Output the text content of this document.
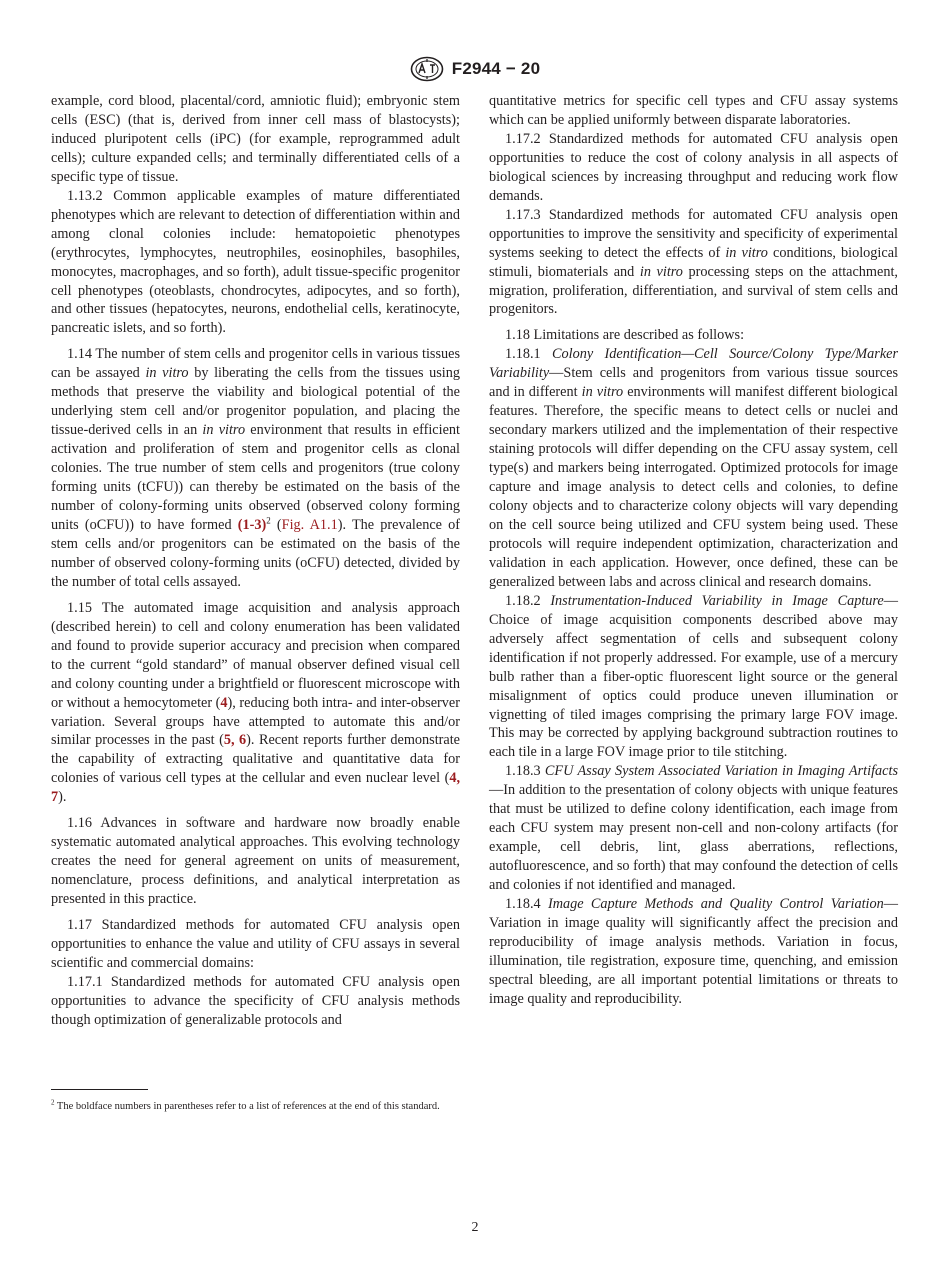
F2944 − 20

example, cord blood, placental/cord, amniotic fluid); embryonic stem cells (ESC) (that is, derived from inner cell mass of blastocysts); induced pluripotent cells (iPC) (for example, reprogrammed adult cells); culture expanded cells; and terminally differentiated cells of a specific type of tissue.

1.13.2 Common applicable examples of mature differentiated phenotypes which are relevant to detection of differentiation within and among clonal colonies include: hematopoietic phenotypes (erythrocytes, lymphocytes, neutrophiles, eosinophiles, basophiles, monocytes, macrophages, and so forth), adult tissue-specific progenitor cell phenotypes (oteoblasts, chondrocytes, adipocytes, and so forth), and other tissues (hepatocytes, neurons, endothelial cells, keratinocyte, pancreatic islets, and so forth).

1.14 The number of stem cells and progenitor cells in various tissues can be assayed in vitro by liberating the cells from the tissues using methods that preserve the viability and biological potential of the underlying stem cell and/or progenitor population, and placing the tissue-derived cells in an in vitro environment that results in efficient activation and proliferation of stem and progenitor cells as clonal colonies. The true number of stem cells and progenitors (true colony forming units (tCFU)) can thereby be estimated on the basis of the number of colony-forming units observed (observed colony forming units (oCFU)) to have formed $(1-3)^2$ (Fig. A1.1). The prevalence of stem cells and/or progenitors can be estimated on the basis of the number of observed colony-forming units (oCFU) detected, divided by the number of total cells assayed.

1.15 The automated image acquisition and analysis approach (described herein) to cell and colony enumeration has been validated and found to provide superior accuracy and precision when compared to the current “gold standard” of manual observer defined visual cell and colony counting under a brightfield or fluorescent microscope with or without a hemocytometer (4), reducing both intra- and inter-observer variation. Several groups have attempted to automate this and/or similar processes in the past (5, 6). Recent reports further demonstrate the capability of extracting qualitative and quantitative data for colonies of various cell types at the cellular and even nuclear level (4, 7).

1.16 Advances in software and hardware now broadly enable systematic automated analytical approaches. This evolving technology creates the need for general agreement on units of measurement, nomenclature, process definitions, and analytical interpretation as presented in this practice.

1.17 Standardized methods for automated CFU analysis open opportunities to enhance the value and utility of CFU assays in several scientific and commercial domains:

1.17.1 Standardized methods for automated CFU analysis open opportunities to advance the specificity of CFU analysis methods though optimization of generalizable protocols and

$^2$ The boldface numbers in parentheses refer to a list of references at the end of this standard.

quantitative metrics for specific cell types and CFU assay systems which can be applied uniformly between disparate laboratories.

1.17.2 Standardized methods for automated CFU analysis open opportunities to reduce the cost of colony analysis in all aspects of biological sciences by increasing throughput and reducing work flow demands.

1.17.3 Standardized methods for automated CFU analysis open opportunities to improve the sensitivity and specificity of experimental systems seeking to detect the effects of in vitro conditions, biological stimuli, biomaterials and in vitro processing steps on the attachment, migration, proliferation, differentiation, and survival of stem cells and progenitors.

1.18 Limitations are described as follows:

1.18.1 Colony Identification—Cell Source/Colony Type/Marker Variability—Stem cells and progenitors from various tissue sources and in different in vitro environments will manifest different biological features. Therefore, the specific means to detect cells or nuclei and secondary markers utilized and the implementation of their respective staining protocols will differ depending on the CFU assay system, cell type(s) and markers being interrogated. Optimized protocols for image capture and image analysis to detect cells and colonies, to define colony objects and to characterize colony objects will vary depending on the cell source being utilized and CFU system being used. These protocols will require independent optimization, characterization and validation in each application. However, once defined, these can be generalized between labs and across clinical and research domains.

1.18.2 Instrumentation-Induced Variability in Image Capture—Choice of image acquisition components described above may adversely affect segmentation of cells and subsequent colony identification if not properly addressed. For example, use of a mercury bulb rather than a fiber-optic fluorescent light source or the general misalignment of optics could produce uneven illumination or vignetting of tiled images comprising the primary large FOV image. This may be corrected by applying background subtraction routines to each tile in a large FOV image prior to tile stitching.

1.18.3 CFU Assay System Associated Variation in Imaging Artifacts—In addition to the presentation of colony objects with unique features that must be utilized to define colony identification, each image from each CFU system may present non-cell and non-colony artifacts (for example, cell debris, lint, glass aberrations, reflections, autofluorescence, and so forth) that may confound the detection of cells and colonies if not identified and managed.

1.18.4 Image Capture Methods and Quality Control Variation—Variation in image quality will significantly affect the precision and reproducibility of image analysis methods. Variation in focus, illumination, tile registration, exposure time, quenching, and emission spectral bleeding, are all important potential limitations or threats to image quality and reproducibility.

2
